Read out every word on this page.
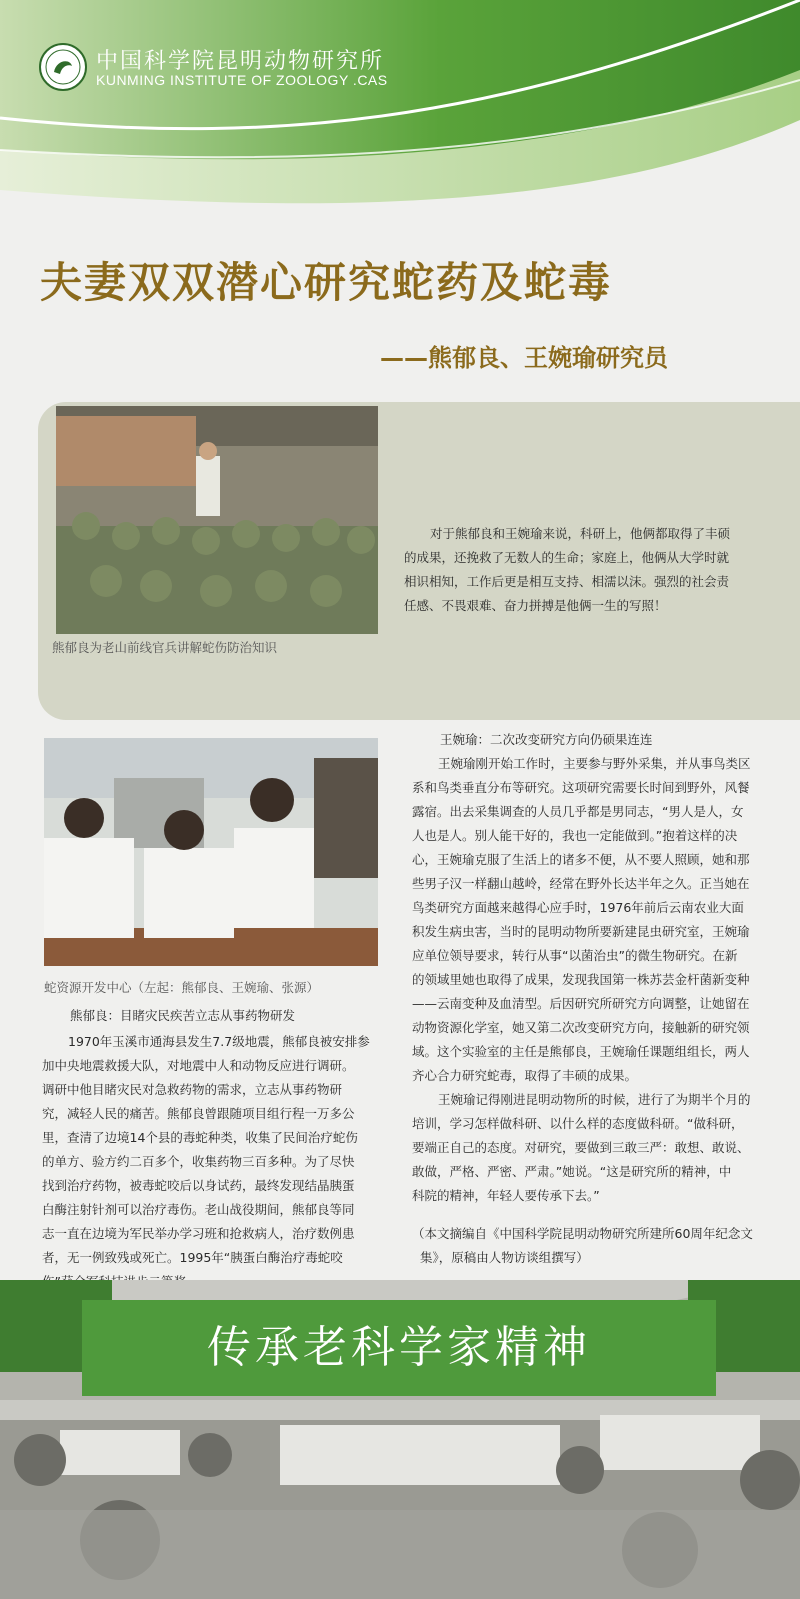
中国科学院昆明动物研究所
KUNMING INSTITUTE OF ZOOLOGY .CAS
夫妻双双潜心研究蛇药及蛇毒
——熊郁良、王婉瑜研究员
熊郁良为老山前线官兵讲解蛇伤防治知识
对于熊郁良和王婉瑜来说，科研上，他俩都取得了丰硕
的成果，还挽救了无数人的生命；家庭上，他俩从大学时就
相识相知，工作后更是相互支持、相濡以沫。强烈的社会责
任感、不畏艰难、奋力拼搏是他俩一生的写照！
蛇资源开发中心（左起：熊郁良、王婉瑜、张源）
熊郁良：目睹灾民疾苦立志从事药物研发
1970年玉溪市通海县发生7.7级地震，熊郁良被安排参
加中央地震救援大队，对地震中人和动物反应进行调研。
调研中他目睹灾民对急救药物的需求，立志从事药物研
究，减轻人民的痛苦。熊郁良曾跟随项目组行程一万多公
里，查清了边境14个县的毒蛇种类，收集了民间治疗蛇伤
的单方、验方约二百多个，收集药物三百多种。为了尽快
找到治疗药物，被毒蛇咬后以身试药，最终发现结晶胰蛋
白酶注射针剂可以治疗毒伤。老山战役期间，熊郁良等同
志一直在边境为军民举办学习班和抢救病人，治疗数例患
者，无一例致残或死亡。1995年“胰蛋白酶治疗毒蛇咬
王婉瑜：二次改变研究方向仍硕果连连
王婉瑜刚开始工作时，主要参与野外采集，并从事鸟类区
系和鸟类垂直分布等研究。这项研究需要长时间到野外，风餐
露宿。出去采集调查的人员几乎都是男同志，“男人是人，女
人也是人。别人能干好的，我也一定能做到。”抱着这样的决
心，王婉瑜克服了生活上的诸多不便，从不要人照顾，她和那
些男子汉一样翻山越岭，经常在野外长达半年之久。正当她在
鸟类研究方面越来越得心应手时，1976年前后云南农业大面
积发生病虫害，当时的昆明动物所要新建昆虫研究室，王婉瑜
应单位领导要求，转行从事“以菌治虫”的微生物研究。在新
的领域里她也取得了成果，发现我国第一株苏芸金杆菌新变种
——云南变种及血清型。后因研究所研究方向调整，让她留在
动物资源化学室，她又第二次改变研究方向，接触新的研究领
域。这个实验室的主任是熊郁良，王婉瑜任课题组组长，两人
齐心合力研究蛇毒，取得了丰硕的成果。
王婉瑜记得刚进昆明动物所的时候，进行了为期半个月的
培训，学习怎样做科研、以什么样的态度做科研。“做科研，
要端正自己的态度。对研究，要做到三敢三严：敢想、敢说、
敢做，严格、严密、严肃。”她说。“这是研究所的精神，中
科院的精神，年轻人要传承下去。”
（本文摘编自《中国科学院昆明动物研究所建所60周年纪念文
集》，原稿由人物访谈组撰写）
传承老科学家精神
